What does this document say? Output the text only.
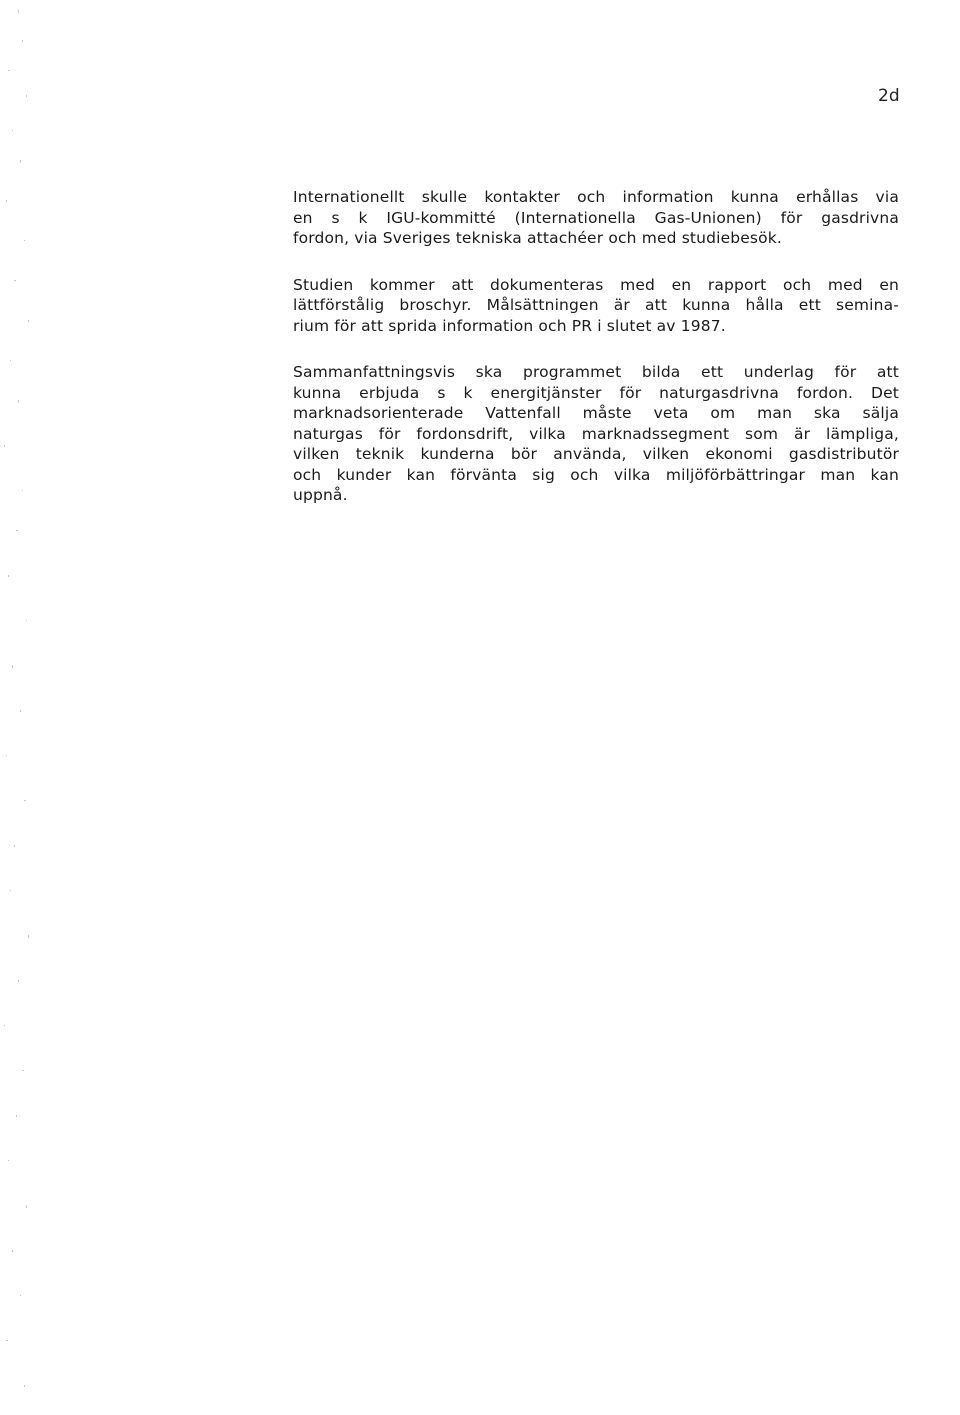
2d
Internationellt skulle kontakter och information kunna erhållas via
en s k IGU-kommitté (Internationella Gas-Unionen) för gasdrivna
fordon, via Sveriges tekniska attachéer och med studiebesök.
Studien kommer att dokumenteras med en rapport och med en
lättförstålig broschyr. Målsättningen är att kunna hålla ett semina-
rium för att sprida information och PR i slutet av 1987.
Sammanfattningsvis ska programmet bilda ett underlag för att
kunna erbjuda s k energitjänster för naturgasdrivna fordon. Det
marknadsorienterade Vattenfall måste veta om man ska sälja
naturgas för fordonsdrift, vilka marknadssegment som är lämpliga,
vilken teknik kunderna bör använda, vilken ekonomi gasdistributör
och kunder kan förvänta sig och vilka miljöförbättringar man kan
uppnå.
